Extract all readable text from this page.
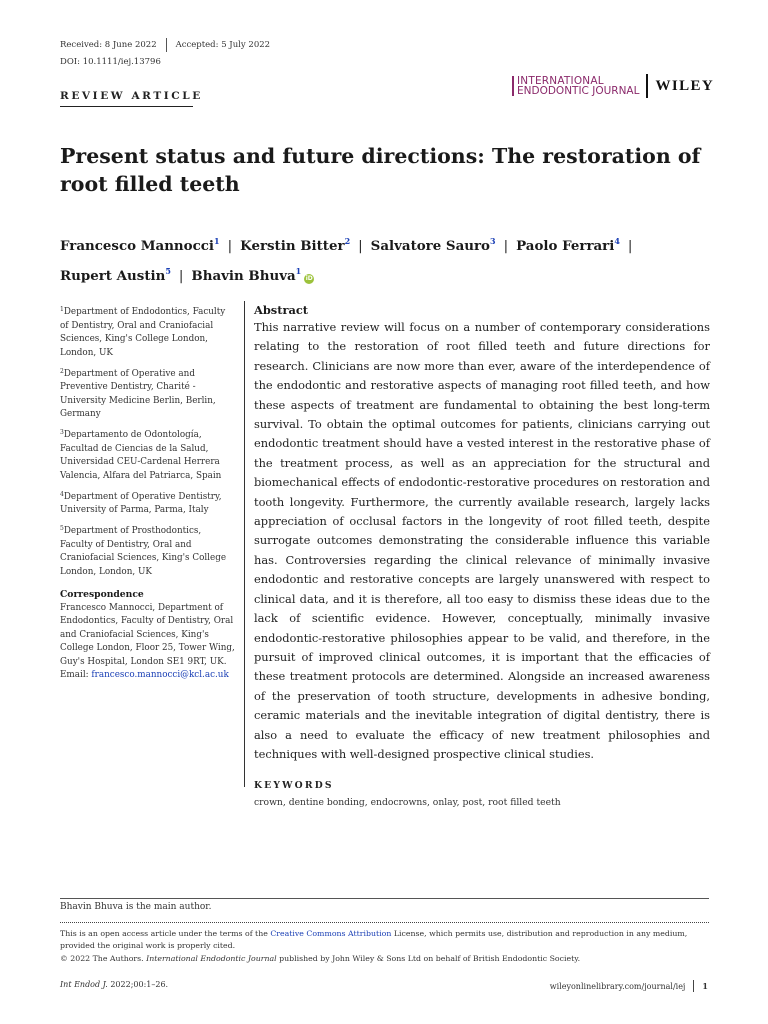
Received: 8 June 2022 Accepted: 5 July 2022
DOI: 10.1111/iej.13796
REVIEW ARTICLE
INTERNATIONAL
ENDODONTIC JOURNAL WILEY
Present status and future directions: The restoration of root filled teeth
Francesco Mannocci$^1$ | Kerstin Bitter$^2$ | Salvatore Sauro$^3$ | Paolo Ferrari$^4$ |
Rupert Austin$^5$ | Bhavin Bhuva$^1$iD
$^1$Department of Endodontics, Faculty of Dentistry, Oral and Craniofacial Sciences, King's College London, London, UK
$^2$Department of Operative and Preventive Dentistry, Charité - University Medicine Berlin, Berlin, Germany
$^3$Departamento de Odontología, Facultad de Ciencias de la Salud, Universidad CEU-Cardenal Herrera Valencia, Alfara del Patriarca, Spain
$^4$Department of Operative Dentistry, University of Parma, Parma, Italy
$^5$Department of Prosthodontics, Faculty of Dentistry, Oral and Craniofacial Sciences, King's College London, London, UK
Correspondence
Francesco Mannocci, Department of Endodontics, Faculty of Dentistry, Oral and Craniofacial Sciences, King's College London, Floor 25, Tower Wing, Guy's Hospital, London SE1 9RT, UK.
Email: francesco.mannocci@kcl.ac.uk
Abstract

This narrative review will focus on a number of contemporary considerations relating to the restoration of root filled teeth and future directions for research. Clinicians are now more than ever, aware of the interdependence of the endodontic and restorative aspects of managing root filled teeth, and how these aspects of treatment are fundamental to obtaining the best long-term survival. To obtain the optimal outcomes for patients, clinicians carrying out endodontic treatment should have a vested interest in the restorative phase of the treatment process, as well as an appreciation for the structural and biomechanical effects of endodontic-restorative procedures on restoration and tooth longevity. Furthermore, the currently available research, largely lacks appreciation of occlusal factors in the longevity of root filled teeth, despite surrogate outcomes demonstrating the considerable influence this variable has. Controversies regarding the clinical relevance of minimally invasive endodontic and restorative concepts are largely unanswered with respect to clinical data, and it is therefore, all too easy to dismiss these ideas due to the lack of scientific evidence. However, conceptually, minimally invasive endodontic-restorative philosophies appear to be valid, and therefore, in the pursuit of improved clinical outcomes, it is important that the efficacies of these treatment protocols are determined. Alongside an increased awareness of the preservation of tooth structure, developments in adhesive bonding, ceramic materials and the inevitable integration of digital dentistry, there is also a need to evaluate the efficacy of new treatment philosophies and techniques with well-designed prospective clinical studies.

KEYWORDS
crown, dentine bonding, endocrowns, onlay, post, root filled teeth
Bhavin Bhuva is the main author.
This is an open access article under the terms of the Creative Commons Attribution License, which permits use, distribution and reproduction in any medium, provided the original work is properly cited.
© 2022 The Authors. International Endodontic Journal published by John Wiley & Sons Ltd on behalf of British Endodontic Society.
Int Endod J. 2022;00:1–26.	wileyonlinelibrary.com/journal/iej 1
